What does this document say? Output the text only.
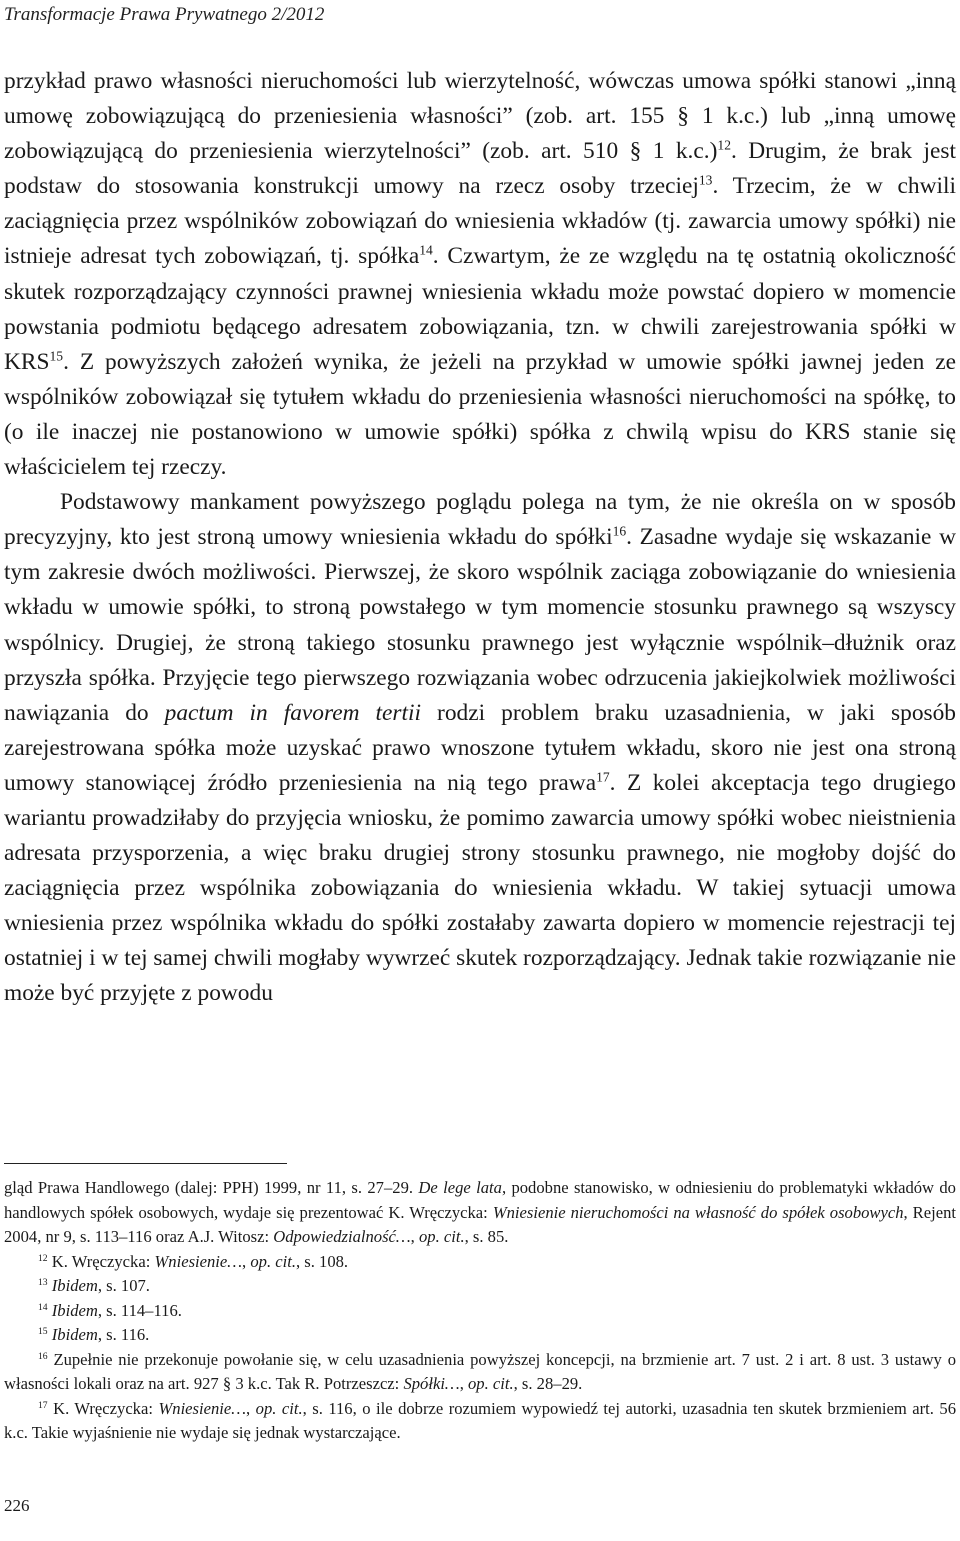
Transformacje Prawa Prywatnego 2/2012

przykład prawo własności nieruchomości lub wierzytelność, wówczas umowa spółki stanowi „inną umowę zobowiązującą do przeniesienia własności” (zob. art. 155 § 1 k.c.) lub „inną umowę zobowiązującą do przeniesienia wierzytelności” (zob. art. 510 § 1 k.c.)$^{12}$. Drugim, że brak jest podstaw do stosowania konstrukcji umowy na rzecz osoby trzeciej$^{13}$. Trzecim, że w chwili zaciągnięcia przez wspólników zobowiązań do wniesienia wkładów (tj. zawarcia umowy spółki) nie istnieje adresat tych zobowiązań, tj. spółka$^{14}$. Czwartym, że ze względu na tę ostatnią okoliczność skutek rozporządzający czynności prawnej wniesienia wkładu może powstać dopiero w momencie powstania podmiotu będącego adresatem zobowiązania, tzn. w chwili zarejestrowania spółki w KRS$^{15}$. Z powyższych założeń wynika, że jeżeli na przykład w umowie spółki jawnej jeden ze wspólników zobowiązał się tytułem wkładu do przeniesienia własności nieruchomości na spółkę, to (o ile inaczej nie postanowiono w umowie spółki) spółka z chwilą wpisu do KRS stanie się właścicielem tej rzeczy.

Podstawowy mankament powyższego poglądu polega na tym, że nie określa on w sposób precyzyjny, kto jest stroną umowy wniesienia wkładu do spółki$^{16}$. Zasadne wydaje się wskazanie w tym zakresie dwóch możliwości. Pierwszej, że skoro wspólnik zaciąga zobowiązanie do wniesienia wkładu w umowie spółki, to stroną powstałego w tym momencie stosunku prawnego są wszyscy wspólnicy. Drugiej, że stroną takiego stosunku prawnego jest wyłącznie wspólnik–dłużnik oraz przyszła spółka. Przyjęcie tego pierwszego rozwiązania wobec odrzucenia jakiejkolwiek możliwości nawiązania do pactum in favorem tertii rodzi problem braku uzasadnienia, w jaki sposób zarejestrowana spółka może uzyskać prawo wnoszone tytułem wkładu, skoro nie jest ona stroną umowy stanowiącej źródło przeniesienia na nią tego prawa$^{17}$. Z kolei akceptacja tego drugiego wariantu prowadziłaby do przyjęcia wniosku, że pomimo zawarcia umowy spółki wobec nieistnienia adresata przysporzenia, a więc braku drugiej strony stosunku prawnego, nie mogłoby dojść do zaciągnięcia przez wspólnika zobowiązania do wniesienia wkładu. W takiej sytuacji umowa wniesienia przez wspólnika wkładu do spółki zostałaby zawarta dopiero w momencie rejestracji tej ostatniej i w tej samej chwili mogłaby wywrzeć skutek rozporządzający. Jednak takie rozwiązanie nie może być przyjęte z powodu

gląd Prawa Handlowego (dalej: PPH) 1999, nr 11, s. 27–29. De lege lata, podobne stanowisko, w odniesieniu do problematyki wkładów do handlowych spółek osobowych, wydaje się prezentować K. Wręczycka: Wniesienie nieruchomości na własność do spółek osobowych, Rejent 2004, nr 9, s. 113–116 oraz A.J. Witosz: Odpowiedzialność…, op. cit., s. 85.

$^{12}$ K. Wręczycka: Wniesienie…, op. cit., s. 108.

$^{13}$ Ibidem, s. 107.

$^{14}$ Ibidem, s. 114–116.

$^{15}$ Ibidem, s. 116.

$^{16}$ Zupełnie nie przekonuje powołanie się, w celu uzasadnienia powyższej koncepcji, na brzmienie art. 7 ust. 2 i art. 8 ust. 3 ustawy o własności lokali oraz na art. 927 § 3 k.c. Tak R. Potrzeszcz: Spółki…, op. cit., s. 28–29.

$^{17}$ K. Wręczycka: Wniesienie…, op. cit., s. 116, o ile dobrze rozumiem wypowiedź tej autorki, uzasadnia ten skutek brzmieniem art. 56 k.c. Takie wyjaśnienie nie wydaje się jednak wystarczające.

226
